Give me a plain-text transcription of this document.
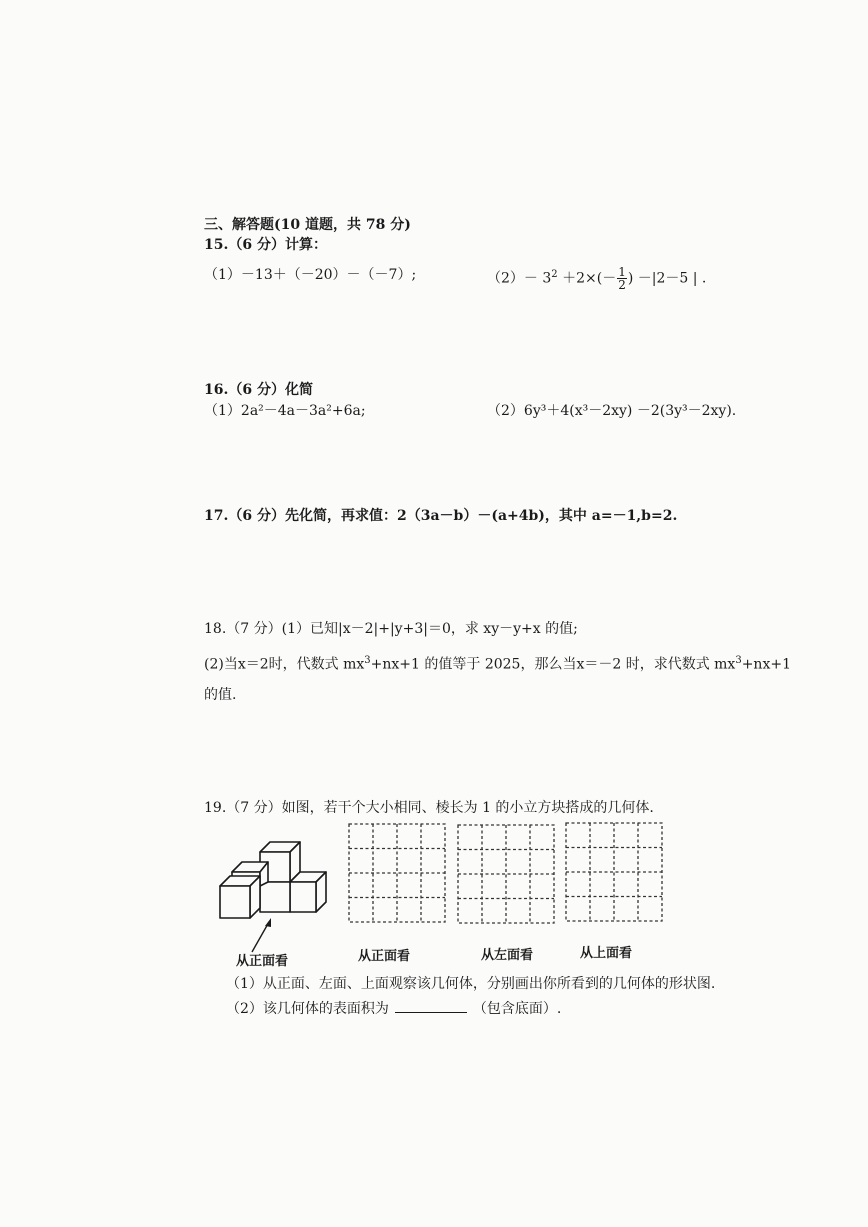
三、解答题(10 道题，共 78 分)
15.（6 分）计算：
（1）－13＋（－20）－（－7）;	$(2)- 3^2 +2\times(- \frac{1}{2}$ ) －|2－5 | .
16.（6 分）化简
（1）2a²－4a－3a²+6a;	（2）6y³＋4(x³－2xy) －2(3y³－2xy).
17.（6 分）先化简，再求值：2（3a－b）－(a+4b)，其中 a=－1,b=2.
18.（7 分）(1）已知|x－2|+|y+3|＝0，求 xy－y+x 的值;
(2)当x＝2时，代数式 $mx^3+nx+1$ 的值等于 2025，那么当x＝－2 时，求代数式 $mx^3+nx+1$
的值.
19.（7 分）如图，若干个大小相同、棱长为 1 的小立方块搭成的几何体.
从正面看	从正面看	从左面看	从上面看
（1）从正面、左面、上面观察该几何体，分别画出你所看到的几何体的形状图.
（2）该几何体的表面积为	（包含底面）.
